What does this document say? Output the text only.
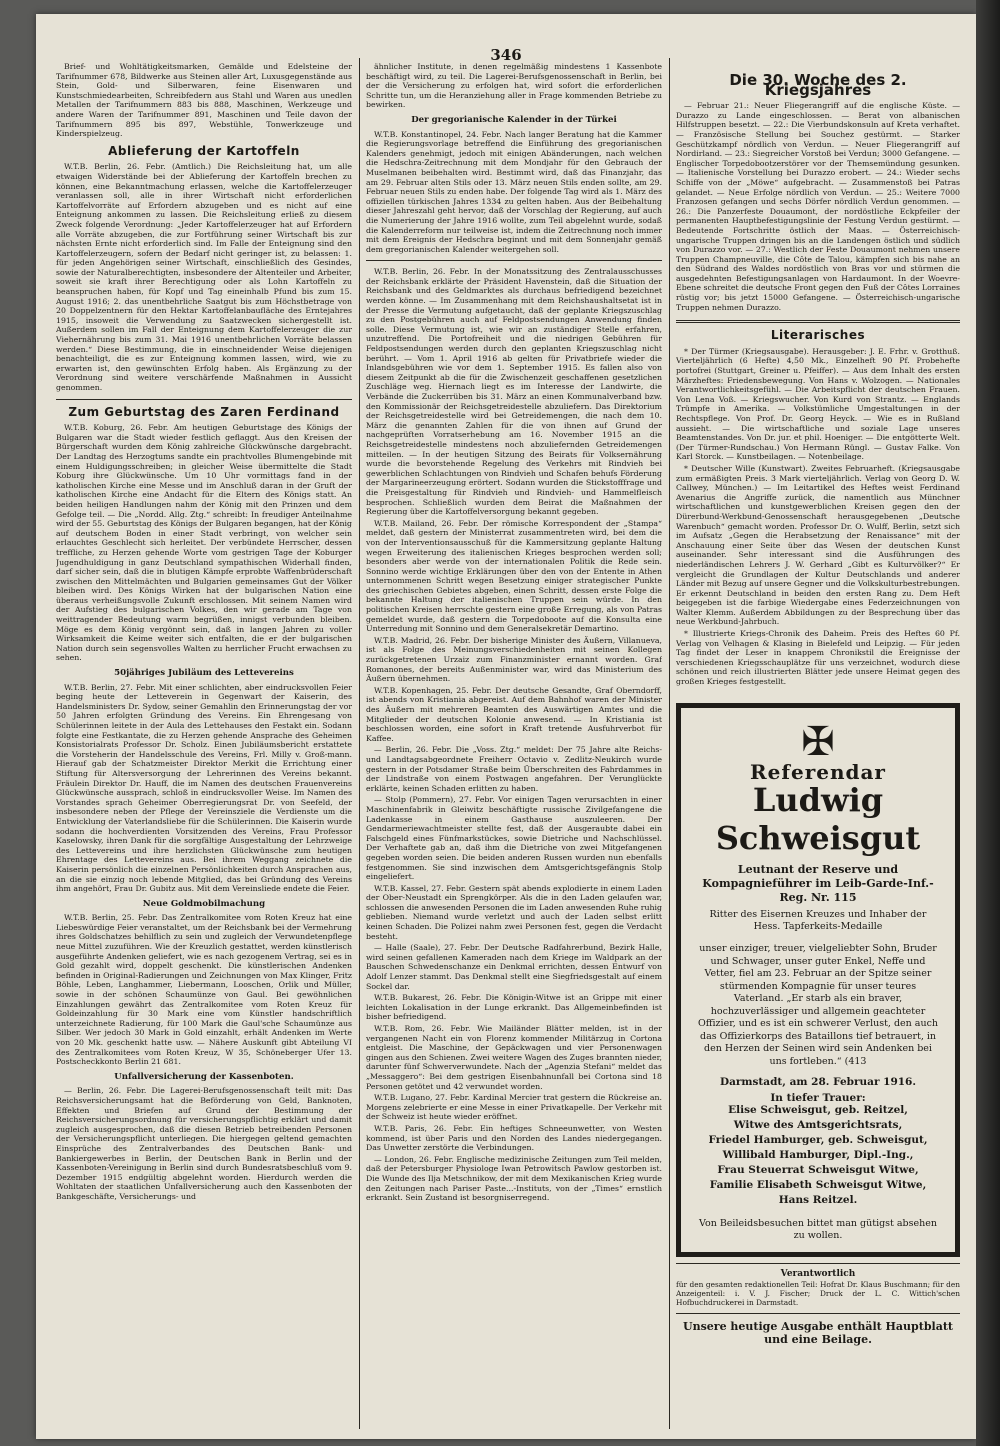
346

Brief- und Wohltätigkeitsmarken, Gemälde und Edelsteine der Tarifnummer 678, Bildwerke aus Steinen aller Art, Luxusgegenstände aus Stein, Gold- und Silberwaren, feine Eisenwaren und Kunstschmiedearbeiten, Schreibfedern aus Stahl und Waren aus unedlen Metallen der Tarifnummern 883 bis 888, Maschinen, Werkzeuge und andere Waren der Tarifnummer 891, Maschinen und Teile davon der Tarifnummern 895 bis 897, Webstühle, Tonwerkzeuge und Kinderspielzeug.

Ablieferung der Kartoffeln

W.T.B. Berlin, 26. Febr. (Amtlich.) Die Reichsleitung hat, um alle etwaigen Widerstände bei der Ablieferung der Kartoffeln brechen zu können, eine Bekanntmachung erlassen, welche die Kartoffelerzeuger veranlassen soll, alle in ihrer Wirtschaft nicht erforderlichen Kartoffelvorräte auf Erfordern abzugeben und es nicht auf eine Enteignung ankommen zu lassen. Die Reichsleitung erließ zu diesem Zweck folgende Verordnung: „Jeder Kartoffelerzeuger hat auf Erfordern alle Vorräte abzugeben, die zur Fortführung seiner Wirtschaft bis zur nächsten Ernte nicht erforderlich sind. Im Falle der Enteignung sind den Kartoffelerzeugern, sofern der Bedarf nicht geringer ist, zu belassen: 1. für jeden Angehörigen seiner Wirtschaft, einschließlich des Gesindes, sowie der Naturalberechtigten, insbesondere der Altenteiler und Arbeiter, soweit sie kraft ihrer Berechtigung oder als Lohn Kartoffeln zu beanspruchen haben, für Kopf und Tag eineinhalb Pfund bis zum 15. August 1916; 2. das unentbehrliche Saatgut bis zum Höchstbetrage von 20 Doppelzentnern für den Hektar Kartoffelanbaufläche des Erntejahres 1915, insoweit die Verwendung zu Saatzwecken sichergestellt ist. Außerdem sollen im Fall der Enteignung dem Kartoffelerzeuger die zur Viehernährung bis zum 31. Mai 1916 unentbehrlichen Vorräte belassen werden.“ Diese Bestimmung, die in einschneidender Weise diejenigen benachteiligt, die es zur Enteignung kommen lassen, wird, wie zu erwarten ist, den gewünschten Erfolg haben. Als Ergänzung zu der Verordnung sind weitere verschärfende Maßnahmen in Aussicht genommen.

Zum Geburtstag des Zaren Ferdinand

W.T.B. Koburg, 26. Febr. Am heutigen Geburtstage des Königs der Bulgaren war die Stadt wieder festlich geflaggt. Aus den Kreisen der Bürgerschaft wurden dem König zahlreiche Glückwünsche dargebracht. Der Landtag des Herzogtums sandte ein prachtvolles Blumengebinde mit einem Huldigungsschreiben; in gleicher Weise übermittelte die Stadt Koburg ihre Glückwünsche. Um 10 Uhr vormittags fand in der katholischen Kirche eine Messe und im Anschluß daran in der Gruft der katholischen Kirche eine Andacht für die Eltern des Königs statt. An beiden heiligen Handlungen nahm der König mit den Prinzen und dem Gefolge teil. — Die „Nordd. Allg. Ztg.“ schreibt: In freudiger Anteilnahme wird der 55. Geburtstag des Königs der Bulgaren begangen, hat der König auf deutschem Boden in einer Stadt verbringt, von welcher sein erlauchtes Geschlecht sich herleitet. Der verbündete Herrscher, dessen treffliche, zu Herzen gehende Worte vom gestrigen Tage der Koburger Jugendhuldigung in ganz Deutschland sympathischen Widerhall finden, darf sicher sein, daß die in blutigen Kämpfe erprobte Waffenbrüderschaft zwischen den Mittelmächten und Bulgarien gemeinsames Gut der Völker bleiben wird. Des Königs Wirken hat der bulgarischen Nation eine überaus verheißungsvolle Zukunft erschlossen. Mit seinem Namen wird der Aufstieg des bulgarischen Volkes, den wir gerade am Tage von weittragender Bedeutung warm begrüßen, innigst verbunden bleiben. Möge es dem König vergönnt sein, daß in langen Jahren zu voller Wirksamkeit die Keime weiter sich entfalten, die er der bulgarischen Nation durch sein segensvolles Walten zu herrlicher Frucht erwachsen zu sehen.

50jähriges Jubiläum des Lettevereins

W.T.B. Berlin, 27. Febr. Mit einer schlichten, aber eindrucksvollen Feier beging heute der Letteverein in Gegenwart der Kaiserin, des Handelsministers Dr. Sydow, seiner Gemahlin den Erinnerungstag der vor 50 Jahren erfolgten Gründung des Vereins. Ein Ehrengesang von Schülerinnen leitete in der Aula des Lettehauses den Festakt ein. Sodann folgte eine Festkantate, die zu Herzen gehende Ansprache des Geheimen Konsistorialrats Professor Dr. Scholz. Einen Jubiläumsbericht erstattete die Vorsteherin der Handelsschule des Vereins, Frl. Milly v. Groß-mann. Hierauf gab der Schatzmeister Direktor Merkit die Errichtung einer Stiftung für Altersversorgung der Lehrerinnen des Vereins bekannt. Fräulein Direktor Dr. Hauff, die im Namen des deutschen Frauenvereins Glückwünsche aussprach, schloß in eindrucksvoller Weise. Im Namen des Vorstandes sprach Geheimer Oberregierungsrat Dr. von Seefeld, der insbesondere neben der Pflege der Vereinsziele die Verdienste um die Entwicklung der Vaterlandsliebe für die Schülerinnen. Die Kaiserin wurde sodann die hochverdienten Vorsitzenden des Vereins, Frau Professor Kaselowsky, ihren Dank für die sorgfältige Ausgestaltung der Lehrzweige des Lettevereins und ihre herzlichsten Glückwünsche zum heutigen Ehrentage des Lettevereins aus. Bei ihrem Weggang zeichnete die Kaiserin persönlich die einzelnen Persönlichkeiten durch Ansprachen aus, an die sie einzig noch lebende Mitglied, das bei Gründung des Vereins ihm angehört, Frau Dr. Gubitz aus. Mit dem Vereinsliede endete die Feier.

Neue Goldmobilmachung

W.T.B. Berlin, 25. Febr. Das Zentralkomitee vom Roten Kreuz hat eine Liebeswürdige Feier veranstaltet, um der Reichsbank bei der Vermehrung ihres Goldschatzes behilflich zu sein und zugleich der Verwundetenpflege neue Mittel zuzuführen. Wie der Kreuzlich gestattet, werden künstlerisch ausgeführte Andenken geliefert, wie es nach gezogenem Vertrag, sei es in Gold gezahlt wird, doppelt geschenkt. Die künstlerischen Andenken befinden in Original-Radierungen und Zeichnungen von Max Klinger, Fritz Böhle, Leben, Langhammer, Liebermann, Looschen, Orlik und Müller, sowie in der schönen Schaumünze von Gaul. Bei gewöhnlichen Einzahlungen gewährt das Zentralkomitee vom Roten Kreuz für Goldeinzahlung für 30 Mark eine vom Künstler handschriftlich unterzeichnete Radierung, für 100 Mark die Gaul'sche Schaumünze aus Silber. Wer jedoch 30 Mark in Gold einzahlt, erhält Andenken im Werte von 20 Mk. geschenkt hatte usw. — Nähere Auskunft gibt Abteilung VI des Zentralkomitees vom Roten Kreuz, W 35, Schöneberger Ufer 13. Postscheckkonto Berlin 21 681.

Unfallversicherung der Kassenboten.

— Berlin, 26. Febr. Die Lagerei-Berufsgenossenschaft teilt mit: Das Reichsversicherungsamt hat die Beförderung von Geld, Banknoten, Effekten und Briefen auf Grund der Bestimmung der Reichsversicherungsordnung für versicherungspflichtig erklärt und damit zugleich ausgesprochen, daß die diesen Betrieb betreibenden Personen der Versicherungspflicht unterliegen. Die hiergegen geltend gemachten Einsprüche des Zentralverbandes des Deutschen Bank- und Bankiergewerbes in Berlin, der Deutschen Bank in Berlin und der Kassenboten-Vereinigung in Berlin sind durch Bundesratsbeschluß vom 9. Dezember 1915 endgültig abgelehnt worden. Hierdurch werden die Wohltaten der staatlichen Unfallversicherung auch den Kassenboten der Bankgeschäfte, Versicherungs- und

ähnlicher Institute, in denen regelmäßig mindestens 1 Kassenbote beschäftigt wird, zu teil. Die Lagerei-Berufsgenossenschaft in Berlin, bei der die Versicherung zu erfolgen hat, wird sofort die erforderlichen Schritte tun, um die Heranziehung aller in Frage kommenden Betriebe zu bewirken.

Der gregorianische Kalender in der Türkei

W.T.B. Konstantinopel, 24. Febr. Nach langer Beratung hat die Kammer die Regierungsvorlage betreffend die Einführung des gregorianischen Kalenders genehmigt, jedoch mit einigen Abänderungen, nach welchen die Hedschra-Zeitrechnung mit dem Mondjahr für den Gebrauch der Muselmanen beibehalten wird. Bestimmt wird, daß das Finanzjahr, das am 29. Februar alten Stils oder 13. März neuen Stils enden sollte, am 29. Februar neuen Stils zu enden habe. Der folgende Tag wird als 1. März des offiziellen türkischen Jahres 1334 zu gelten haben. Aus der Beibehaltung dieser Jahreszahl geht hervor, daß der Vorschlag der Regierung, auf auch die Numerierung der Jahre 1916 wollte, zum Teil abgelehnt wurde, sodaß die Kalenderreform nur teilweise ist, indem die Zeitrechnung noch immer mit dem Ereignis der Hedschra beginnt und mit dem Sonnenjahr gemäß dem gregorianischen Kalender weitergehen soll.

W.T.B. Berlin, 26. Febr. In der Monatssitzung des Zentralausschusses der Reichsbank erklärte der Präsident Havenstein, daß die Situation der Reichsbank und des Geldmarktes als durchaus befriedigend bezeichnet werden könne. — Im Zusammenhang mit dem Reichshaushaltsetat ist in der Presse die Vermutung aufgetaucht, daß der geplante Kriegszuschlag zu den Postgebühren auch auf Feldpostsendungen Anwendung finden solle. Diese Vermutung ist, wie wir an zuständiger Stelle erfahren, unzutreffend. Die Portofreiheit und die niedrigen Gebühren für Feldpostsendungen werden durch den geplanten Kriegszuschlag nicht berührt. — Vom 1. April 1916 ab gelten für Privatbriefe wieder die Inlandsgebühren wie vor dem 1. September 1915. Es fallen also von diesem Zeitpunkt ab die für die Zwischenzeit geschaffenen gesetzlichen Zuschläge weg. Hiernach liegt es im Interesse der Landwirte, die Verbände die Zuckerrüben bis 31. März an einen Kommunalverband bzw. den Kommissionär der Reichsgetreidestelle abzuliefern. Das Direktorium der Reichsgetreidestelle wird bei Getreidemengen, die nach dem 10. März die genannten Zahlen für die von ihnen auf Grund der nachgeprüften Vorratserhebung am 16. November 1915 an die Reichsgetreidestelle mindestens noch abzuliefernden Getreidemengen mitteilen. — In der heutigen Sitzung des Beirats für Volksernährung wurde die bevorstehende Regelung des Verkehrs mit Rindvieh bei gewerblichen Schlachtungen von Rindvieh und Schafen behufs Förderung der Margarineerzeugung erörtert. Sodann wurden die Stickstofffrage und die Preisgestaltung für Rindvieh und Rindvieh- und Hammelfleisch besprochen. Schließlich wurden dem Beirat die Maßnahmen der Regierung über die Kartoffelversorgung bekannt gegeben.

W.T.B. Mailand, 26. Febr. Der römische Korrespondent der „Stampa“ meldet, daß gestern der Ministerrat zusammentreten wird, bei dem die von der Interventionsausschuß für die Kammersitzung geplante Haltung wegen Erweiterung des italienischen Krieges besprochen werden soll; besonders aber werde von der internationalen Politik die Rede sein. Sonnino werde wichtige Erklärungen über den von der Entente in Athen unternommenen Schritt wegen Besetzung einiger strategischer Punkte des griechischen Gebietes abgeben, einen Schritt, dessen erste Folge die bekannte Haltung der italienischen Truppen sein würde. In den politischen Kreisen herrschte gestern eine große Erregung, als von Patras gemeldet wurde, daß gestern die Torpedoboote auf die Konsulta eine Unterredung mit Sonnino und dem Generalsekretär Demartino.

W.T.B. Madrid, 26. Febr. Der bisherige Minister des Äußern, Villanueva, ist als Folge des Meinungsverschiedenheiten mit seinen Kollegen zurückgetretenen Urzaiz zum Finanzminister ernannt worden. Graf Romanones, der bereits Außenminister war, wird das Ministerium des Äußern übernehmen.

W.T.B. Kopenhagen, 25. Febr. Der deutsche Gesandte, Graf Oberndorff, ist abends von Kristiania abgereist. Auf dem Bahnhof waren der Minister des Äußern mit mehreren Beamten des Auswärtigen Amtes und die Mitglieder der deutschen Kolonie anwesend. — In Kristiania ist beschlossen worden, eine sofort in Kraft tretende Ausfuhrverbot für Kaffee.

— Berlin, 26. Febr. Die „Voss. Ztg.“ meldet: Der 75 Jahre alte Reichs- und Landtagsabgeordnete Freiherr Octavio v. Zedlitz-Neukirch wurde gestern in der Potsdamer Straße beim Überschreiten des Fahrdammes in der Lindstraße von einem Postwagen angefahren. Der Verunglückte erklärte, keinen Schaden erlitten zu haben.

— Stolp (Pommern), 27. Febr. Vor einigen Tagen verursachten in einer Maschinenfabrik in Gleiwitz beschäftigte russische Zivilgefangene die Ladenkasse in einem Gasthause auszuleeren. Der Gendarmeriewachtmeister stellte fest, daß der Ausgeraubte dabei ein Falschgeld eines Fünfmarkstückes, sowie Dietriche und Nachschlüssel. Der Verhaftete gab an, daß ihm die Dietriche von zwei Mitgefangenen gegeben worden seien. Die beiden anderen Russen wurden nun ebenfalls festgenommen. Sie sind inzwischen dem Amtsgerichtsgefängnis Stolp eingeliefert.

W.T.B. Kassel, 27. Febr. Gestern spät abends explodierte in einem Laden der Ober-Neustadt ein Sprengkörper. Als die in den Laden gelaufen war, schlossen die anwesenden Personen die im Laden anwesenden Ruhe ruhig geblieben. Niemand wurde verletzt und auch der Laden selbst erlitt keinen Schaden. Die Polizei nahm zwei Personen fest, gegen die Verdacht besteht.

— Halle (Saale), 27. Febr. Der Deutsche Radfahrerbund, Bezirk Halle, wird seinen gefallenen Kameraden nach dem Kriege im Waldpark an der Bauschen Schwedenschanze ein Denkmal errichten, dessen Entwurf von Adolf Lenzer stammt. Das Denkmal stellt eine Siegfriedsgestalt auf einem Sockel dar.

W.T.B. Bukarest, 26. Febr. Die Königin-Witwe ist an Grippe mit einer leichten Lokalisation in der Lunge erkrankt. Das Allgemeinbefinden ist bisher befriedigend.

W.T.B. Rom, 26. Febr. Wie Mailänder Blätter melden, ist in der vergangenen Nacht ein von Florenz kommender Militärzug in Cortona entgleist. Die Maschine, der Gepäckwagen und vier Personenwagen gingen aus den Schienen. Zwei weitere Wagen des Zuges brannten nieder, darunter fünf Schwerverwundete. Nach der „Agenzia Stefani“ meldet das „Messaggero“: Bei dem gestrigen Eisenbahnunfall bei Cortona sind 18 Personen getötet und 42 verwundet worden.

W.T.B. Lugano, 27. Febr. Kardinal Mercier trat gestern die Rückreise an. Morgens zelebrierte er eine Messe in einer Privatkapelle. Der Verkehr mit der Schweiz ist heute wieder eröffnet.

W.T.B. Paris, 26. Febr. Ein heftiges Schneeunwetter, von Westen kommend, ist über Paris und den Norden des Landes niedergegangen. Das Unwetter zerstörte die Verbindungen.

— London, 26. Febr. Englische medizinische Zeitungen zum Teil melden, daß der Petersburger Physiologe Iwan Petrowitsch Pawlow gestorben ist. Die Wunde des Ilja Metschnikow, der mit dem Mexikanischen Krieg wurde den Zeitungen nach Pariser Paste...-Instituts, von der „Times“ ernstlich erkrankt. Sein Zustand ist besorgniserregend.

Die 30. Woche des 2. Kriegsjahres

— Februar 21.: Neuer Fliegerangriff auf die englische Küste. — Durazzo zu Lande eingeschlossen. — Berat von albanischen Hilfstruppen besetzt. — 22.: Die Vierbundskonsuln auf Kreta verhaftet. — Französische Stellung bei Souchez gestürmt. — Starker Geschützkampf nördlich von Verdun. — Neuer Fliegerangriff auf Nordirland. — 23.: Siegreicher Vorstoß bei Verdun; 3000 Gefangene. — Englischer Torpedobootzerstörer vor der Themsemündung gesunken. — Italienische Vorstellung bei Durazzo erobert. — 24.: Wieder sechs Schiffe von der „Möwe“ aufgebracht. — Zusammenstoß bei Patras gelandet. — Neue Erfolge nördlich von Verdun. — 25.: Weitere 7000 Franzosen gefangen und sechs Dörfer nördlich Verdun genommen. — 26.: Die Panzerfeste Douaumont, der nordöstliche Eckpfeiler der permanenten Hauptbefestigungslinie der Festung Verdun gestürmt. — Bedeutende Fortschritte östlich der Maas. — Österreichisch-ungarische Truppen dringen bis an die Landengen östlich und südlich von Durazzo vor. — 27.: Westlich der Feste Douaumont nehmen unsere Truppen Champneuville, die Côte de Talou, kämpfen sich bis nahe an den Südrand des Waldes nordöstlich von Bras vor und stürmen die ausgedehnten Befestigungsanlagen von Hardaumont. In der Woevre-Ebene schreitet die deutsche Front gegen den Fuß der Côtes Lorraines rüstig vor; bis jetzt 15000 Gefangene. — Österreichisch-ungarische Truppen nehmen Durazzo.

Literarisches

* Der Türmer (Kriegsausgabe). Herausgeber: J. E. Frhr. v. Grotthuß. Vierteljährlich (6 Hefte) 4,50 Mk., Einzelheft 90 Pf. Probehefte portofrei (Stuttgart, Greiner u. Pfeiffer). — Aus dem Inhalt des ersten Märzheftes: Friedensbewegung. Von Hans v. Wolzogen. — Nationales Verantwortlichkeitsgefühl. — Die Arbeitspflicht der deutschen Frauen. Von Lena Voß. — Kriegswucher. Von Kurd von Strantz. — Englands Trümpfe in Amerika. — Volkstümliche Umgestaltungen in der Rechtspflege. Von Prof. Dr. Georg Heyck. — Wie es in Rußland aussieht. — Die wirtschaftliche und soziale Lage unseres Beamtenstandes. Von Dr. jur. et phil. Hoeniger. — Die entgötterte Welt. (Der Türmer-Rundschau.) Von Hermann Rüngl. — Gustav Falke. Von Karl Storck. — Kunstbeilagen. — Notenbeilage.

* Deutscher Wille (Kunstwart). Zweites Februarheft. (Kriegsausgabe zum ermäßigten Preis. 3 Mark vierteljährlich. Verlag von Georg D. W. Callwey, München.) — Im Leitartikel des Heftes weist Ferdinand Avenarius die Angriffe zurück, die namentlich aus Münchner wirtschaftlichen und kunstgewerblichen Kreisen gegen den der Dürerbund-Werkbund-Genossenschaft herausgegebenen „Deutsche Warenbuch“ gemacht worden. Professor Dr. O. Wulff, Berlin, setzt sich im Aufsatz „Gegen die Herabsetzung der Renaissance“ mit der Anschauung einer Seite über das Wesen der deutschen Kunst auseinander. Sehr interessant sind die Ausführungen des niederländischen Lehrers J. W. Gerhard „Gibt es Kulturvölker?“ Er vergleicht die Grundlagen der Kultur Deutschlands und anderer Länder mit Bezug auf unsere Gegner und die Volkskulturbestrebungen. Er erkennt Deutschland in beiden den ersten Rang zu. Dem Heft beigegeben ist die farbige Wiedergabe eines Federzeichnungen von Walter Klemm. Außerdem Abbildungen zu der Besprechung über das neue Werkbund-Jahrbuch.

* Illustrierte Kriegs-Chronik des Daheim. Preis des Heftes 60 Pf. Verlag von Velhagen & Klasing in Bielefeld und Leipzig. — Für jeden Tag findet der Leser in knappem Chronikstil die Ereignisse der verschiedenen Kriegsschauplätze für uns verzeichnet, wodurch diese schönen und reich illustrierten Blätter jede unsere Heimat gegen des großen Krieges festgestellt.

✠
Referendar
Ludwig Schweisgut
Leutnant der Reserve und Kompagnieführer im Leib-Garde-Inf.-Reg. Nr. 115
Ritter des Eisernen Kreuzes und Inhaber der Hess. Tapferkeits-Medaille
unser einziger, treuer, vielgeliebter Sohn, Bruder und Schwager, unser guter Enkel, Neffe und Vetter, fiel am 23. Februar an der Spitze seiner stürmenden Kompagnie für unser teures Vaterland. „Er starb als ein braver, hochzuverlässiger und allgemein geachteter Offizier, und es ist ein schwerer Verlust, den auch das Offizierkorps des Bataillons tief betrauert, in den Herzen der Seinen wird sein Andenken bei uns fortleben.“ (413
Darmstadt, am 28. Februar 1916.
In tiefer Trauer:
Elise Schweisgut, geb. Reitzel,
Witwe des Amtsgerichtsrats,
Friedel Hamburger, geb. Schweisgut,
Willibald Hamburger, Dipl.-Ing.,
Frau Steuerrat Schweisgut Witwe,
Familie Elisabeth Schweisgut Witwe,
Hans Reitzel.
Von Beileidsbesuchen bittet man gütigst absehen zu wollen.
Verantwortlich
für den gesamten redaktionellen Teil: Hofrat Dr. Klaus Buschmann; für den Anzeigenteil: i. V. J. Fischer; Druck der L. C. Wittich'schen Hofbuchdruckerei in Darmstadt.
Unsere heutige Ausgabe enthält Hauptblatt und eine Beilage.
